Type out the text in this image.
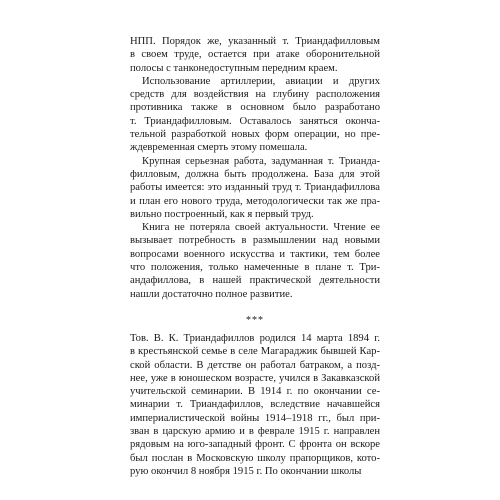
НПП. Порядок же, указанный т. Триандафилловым
в своем труде, остается при атаке оборонительной
полосы с танконедоступным передним краем.
Использование артиллерии, авиации и других
средств для воздействия на глубину расположения
противника также в основном было разработано
т. Триандафилловым. Оставалось заняться оконча-
тельной разработкой новых форм операции, но пре-
ждевременная смерть этому помешала.
Крупная серьезная работа, задуманная т. Трианда-
филловым, должна быть продолжена. База для этой
работы имеется: это изданный труд т. Триандафиллова
и план его нового труда, методологически так же пра-
вильно построенный, как я первый труд.
Книга не потеряла своей актуальности. Чтение ее
вызывает потребность в размышлении над новыми
вопросами военного искусства и тактики, тем более
что положения, только намеченные в плане т. Три-
андафиллова, в нашей практической деятельности
нашли достаточно полное развитие.
***
Тов. В. К. Триандафиллов родился 14 марта 1894 г.
в крестьянской семье в селе Магараджик бывшей Кар-
ской области. В детстве он работал батраком, а позд-
нее, уже в юношеском возрасте, учился в Закавказской
учительской семинарии. В 1914 г. по окончании се-
минарии т. Триандафиллов, вследствие начавшейся
империалистической войны 1914–1918 гг., был при-
зван в царскую армию и в феврале 1915 г. направлен
рядовым на юго-западный фронт. С фронта он вскоре
был послан в Московскую школу прапорщиков, кото-
рую окончил 8 ноября 1915 г. По окончании школы
